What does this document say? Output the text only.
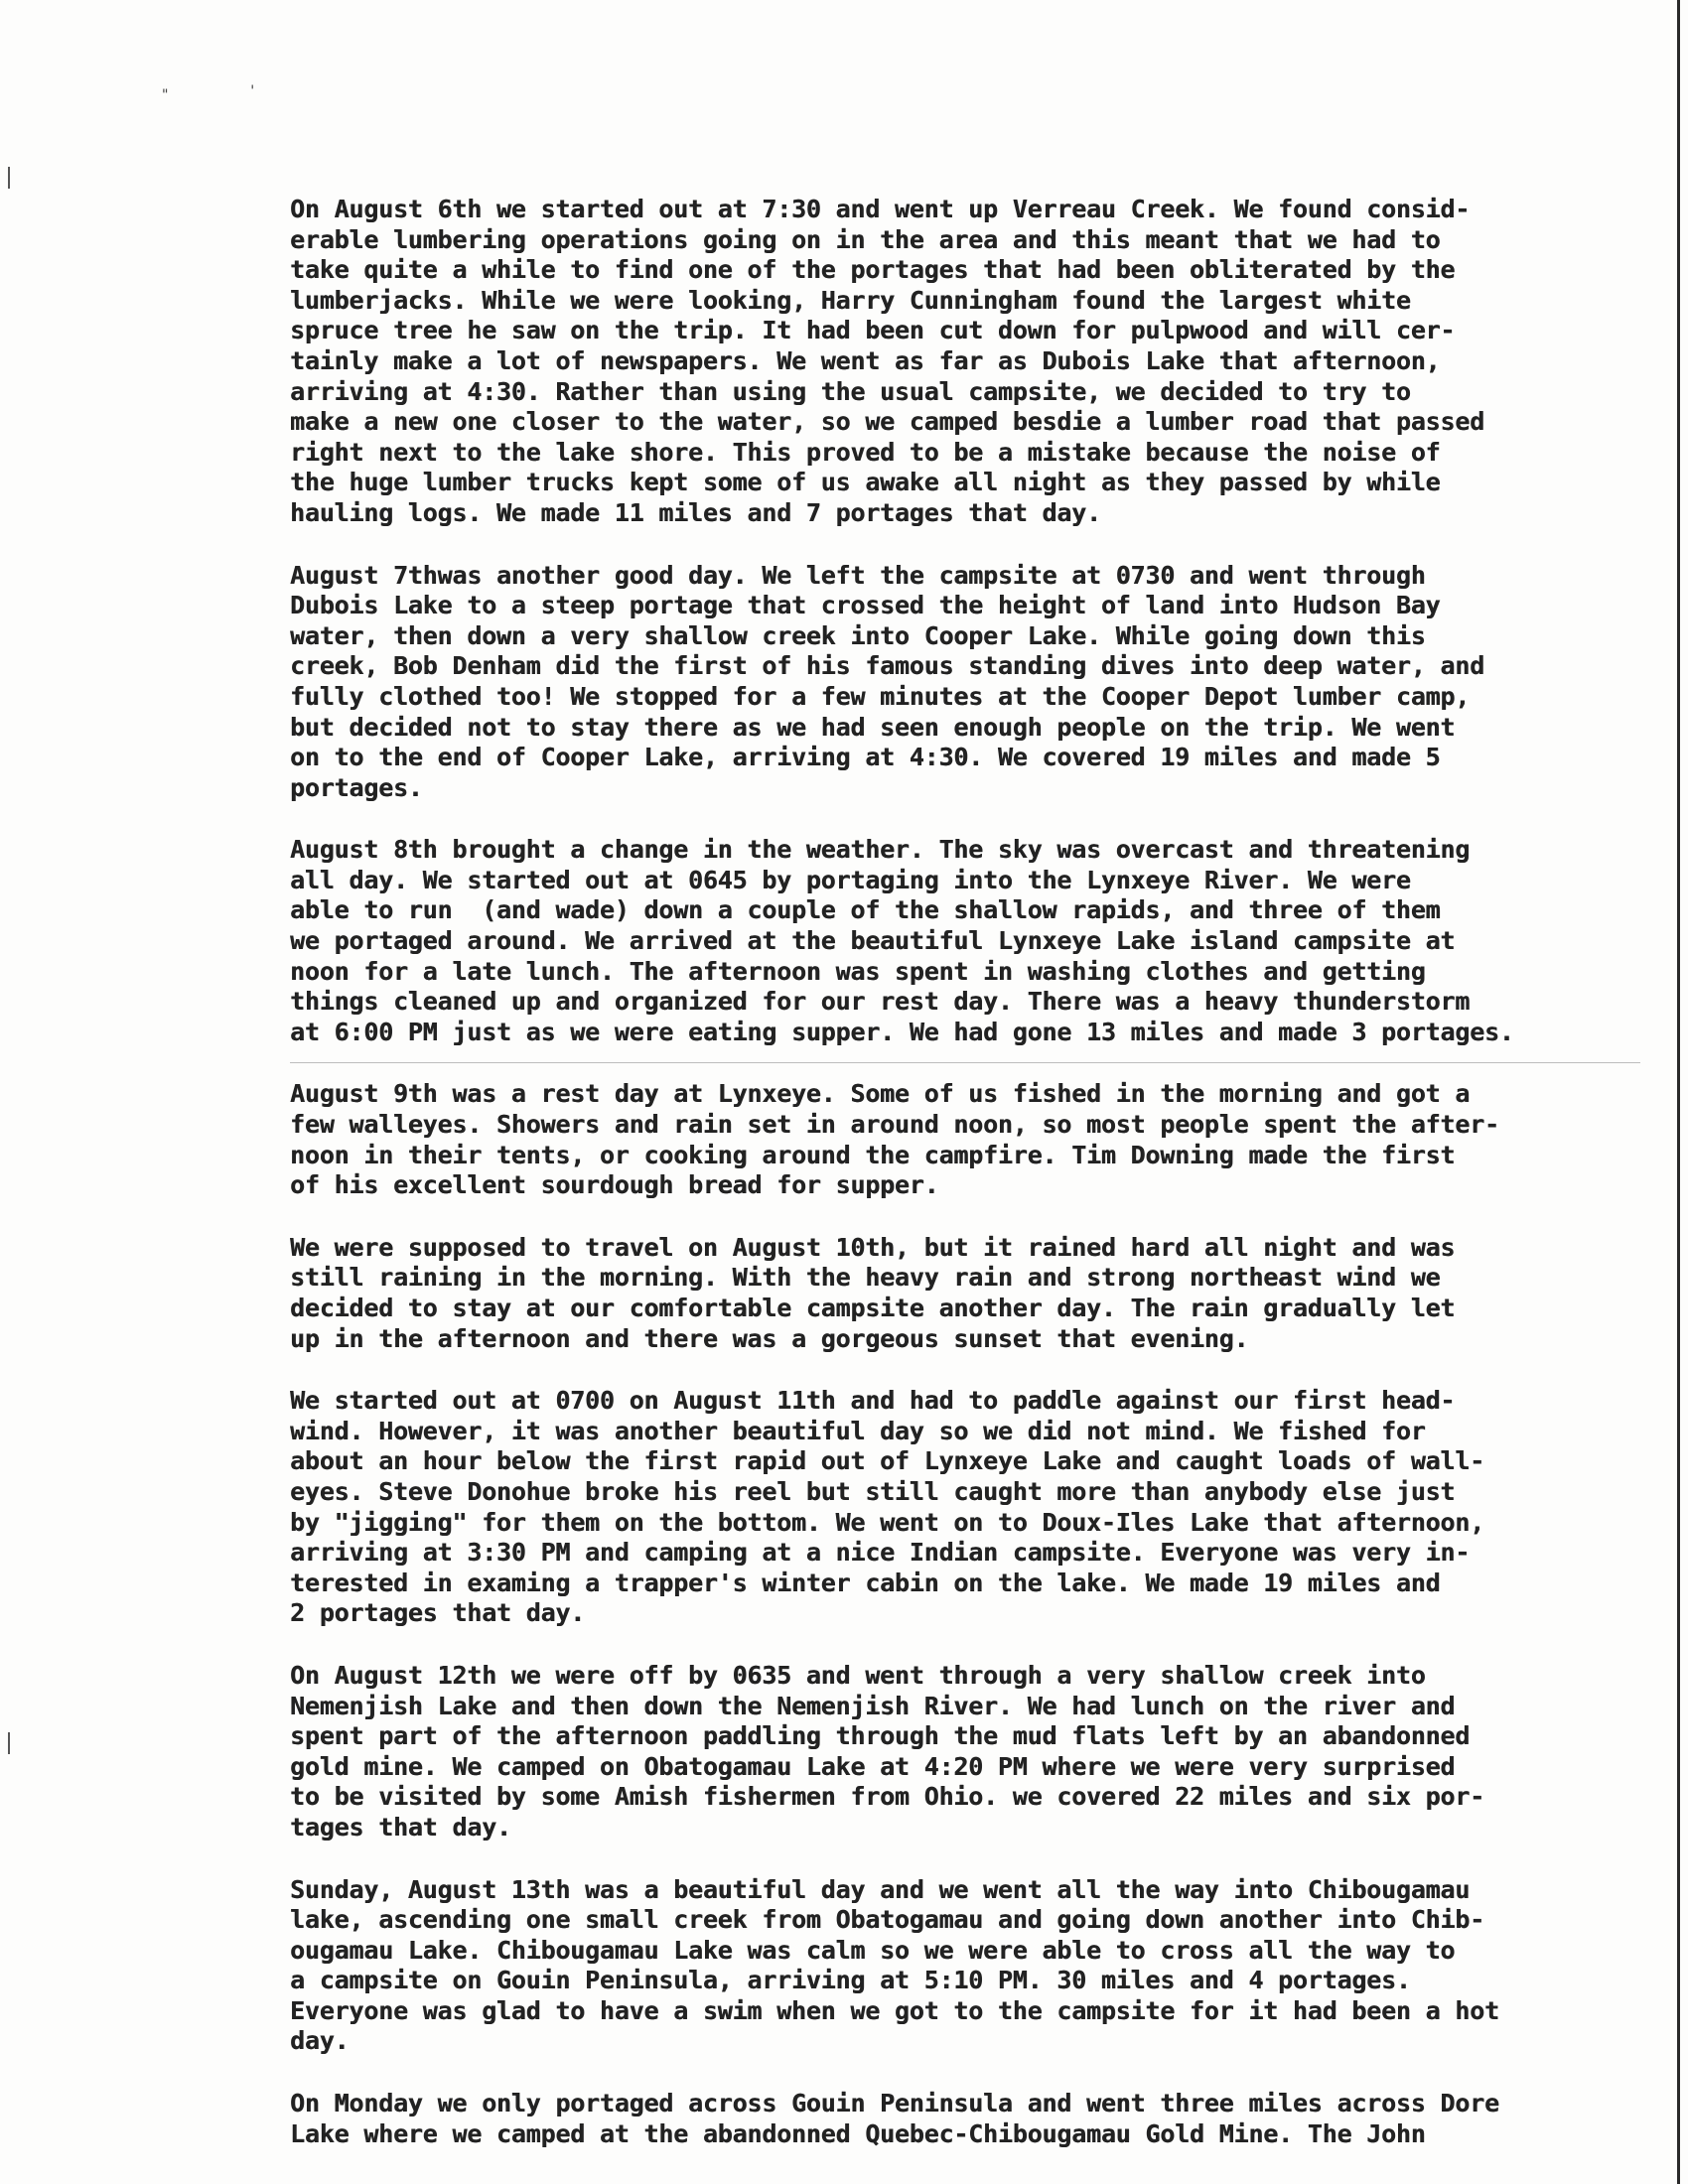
"	'
On August 6th we started out at 7:30 and went up Verreau Creek. We found consid-
erable lumbering operations going on in the area and this meant that we had to
take quite a while to find one of the portages that had been obliterated by the
lumberjacks. While we were looking, Harry Cunningham found the largest white
spruce tree he saw on the trip. It had been cut down for pulpwood and will cer-
tainly make a lot of newspapers. We went as far as Dubois Lake that afternoon,
arriving at 4:30. Rather than using the usual campsite, we decided to try to
make a new one closer to the water, so we camped besdie a lumber road that passed
right next to the lake shore. This proved to be a mistake because the noise of
the huge lumber trucks kept some of us awake all night as they passed by while
hauling logs. We made 11 miles and 7 portages that day.
August 7thwas another good day. We left the campsite at 0730 and went through
Dubois Lake to a steep portage that crossed the height of land into Hudson Bay
water, then down a very shallow creek into Cooper Lake. While going down this
creek, Bob Denham did the first of his famous standing dives into deep water, and
fully clothed too! We stopped for a few minutes at the Cooper Depot lumber camp,
but decided not to stay there as we had seen enough people on the trip. We went
on to the end of Cooper Lake, arriving at 4:30. We covered 19 miles and made 5
portages.
August 8th brought a change in the weather. The sky was overcast and threatening
all day. We started out at 0645 by portaging into the Lynxeye River. We were
able to run  (and wade) down a couple of the shallow rapids, and three of them
we portaged around. We arrived at the beautiful Lynxeye Lake island campsite at
noon for a late lunch. The afternoon was spent in washing clothes and getting
things cleaned up and organized for our rest day. There was a heavy thunderstorm
at 6:00 PM just as we were eating supper. We had gone 13 miles and made 3 portages.
August 9th was a rest day at Lynxeye. Some of us fished in the morning and got a
few walleyes. Showers and rain set in around noon, so most people spent the after-
noon in their tents, or cooking around the campfire. Tim Downing made the first
of his excellent sourdough bread for supper.
We were supposed to travel on August 10th, but it rained hard all night and was
still raining in the morning. With the heavy rain and strong northeast wind we
decided to stay at our comfortable campsite another day. The rain gradually let
up in the afternoon and there was a gorgeous sunset that evening.
We started out at 0700 on August 11th and had to paddle against our first head-
wind. However, it was another beautiful day so we did not mind. We fished for
about an hour below the first rapid out of Lynxeye Lake and caught loads of wall-
eyes. Steve Donohue broke his reel but still caught more than anybody else just
by "jigging" for them on the bottom. We went on to Doux-Iles Lake that afternoon,
arriving at 3:30 PM and camping at a nice Indian campsite. Everyone was very in-
terested in examing a trapper's winter cabin on the lake. We made 19 miles and
2 portages that day.
On August 12th we were off by 0635 and went through a very shallow creek into
Nemenjish Lake and then down the Nemenjish River. We had lunch on the river and
spent part of the afternoon paddling through the mud flats left by an abandonned
gold mine. We camped on Obatogamau Lake at 4:20 PM where we were very surprised
to be visited by some Amish fishermen from Ohio. we covered 22 miles and six por-
tages that day.
Sunday, August 13th was a beautiful day and we went all the way into Chibougamau
lake, ascending one small creek from Obatogamau and going down another into Chib-
ougamau Lake. Chibougamau Lake was calm so we were able to cross all the way to
a campsite on Gouin Peninsula, arriving at 5:10 PM. 30 miles and 4 portages.
Everyone was glad to have a swim when we got to the campsite for it had been a hot
day.
On Monday we only portaged across Gouin Peninsula and went three miles across Dore
Lake where we camped at the abandonned Quebec-Chibougamau Gold Mine. The John
